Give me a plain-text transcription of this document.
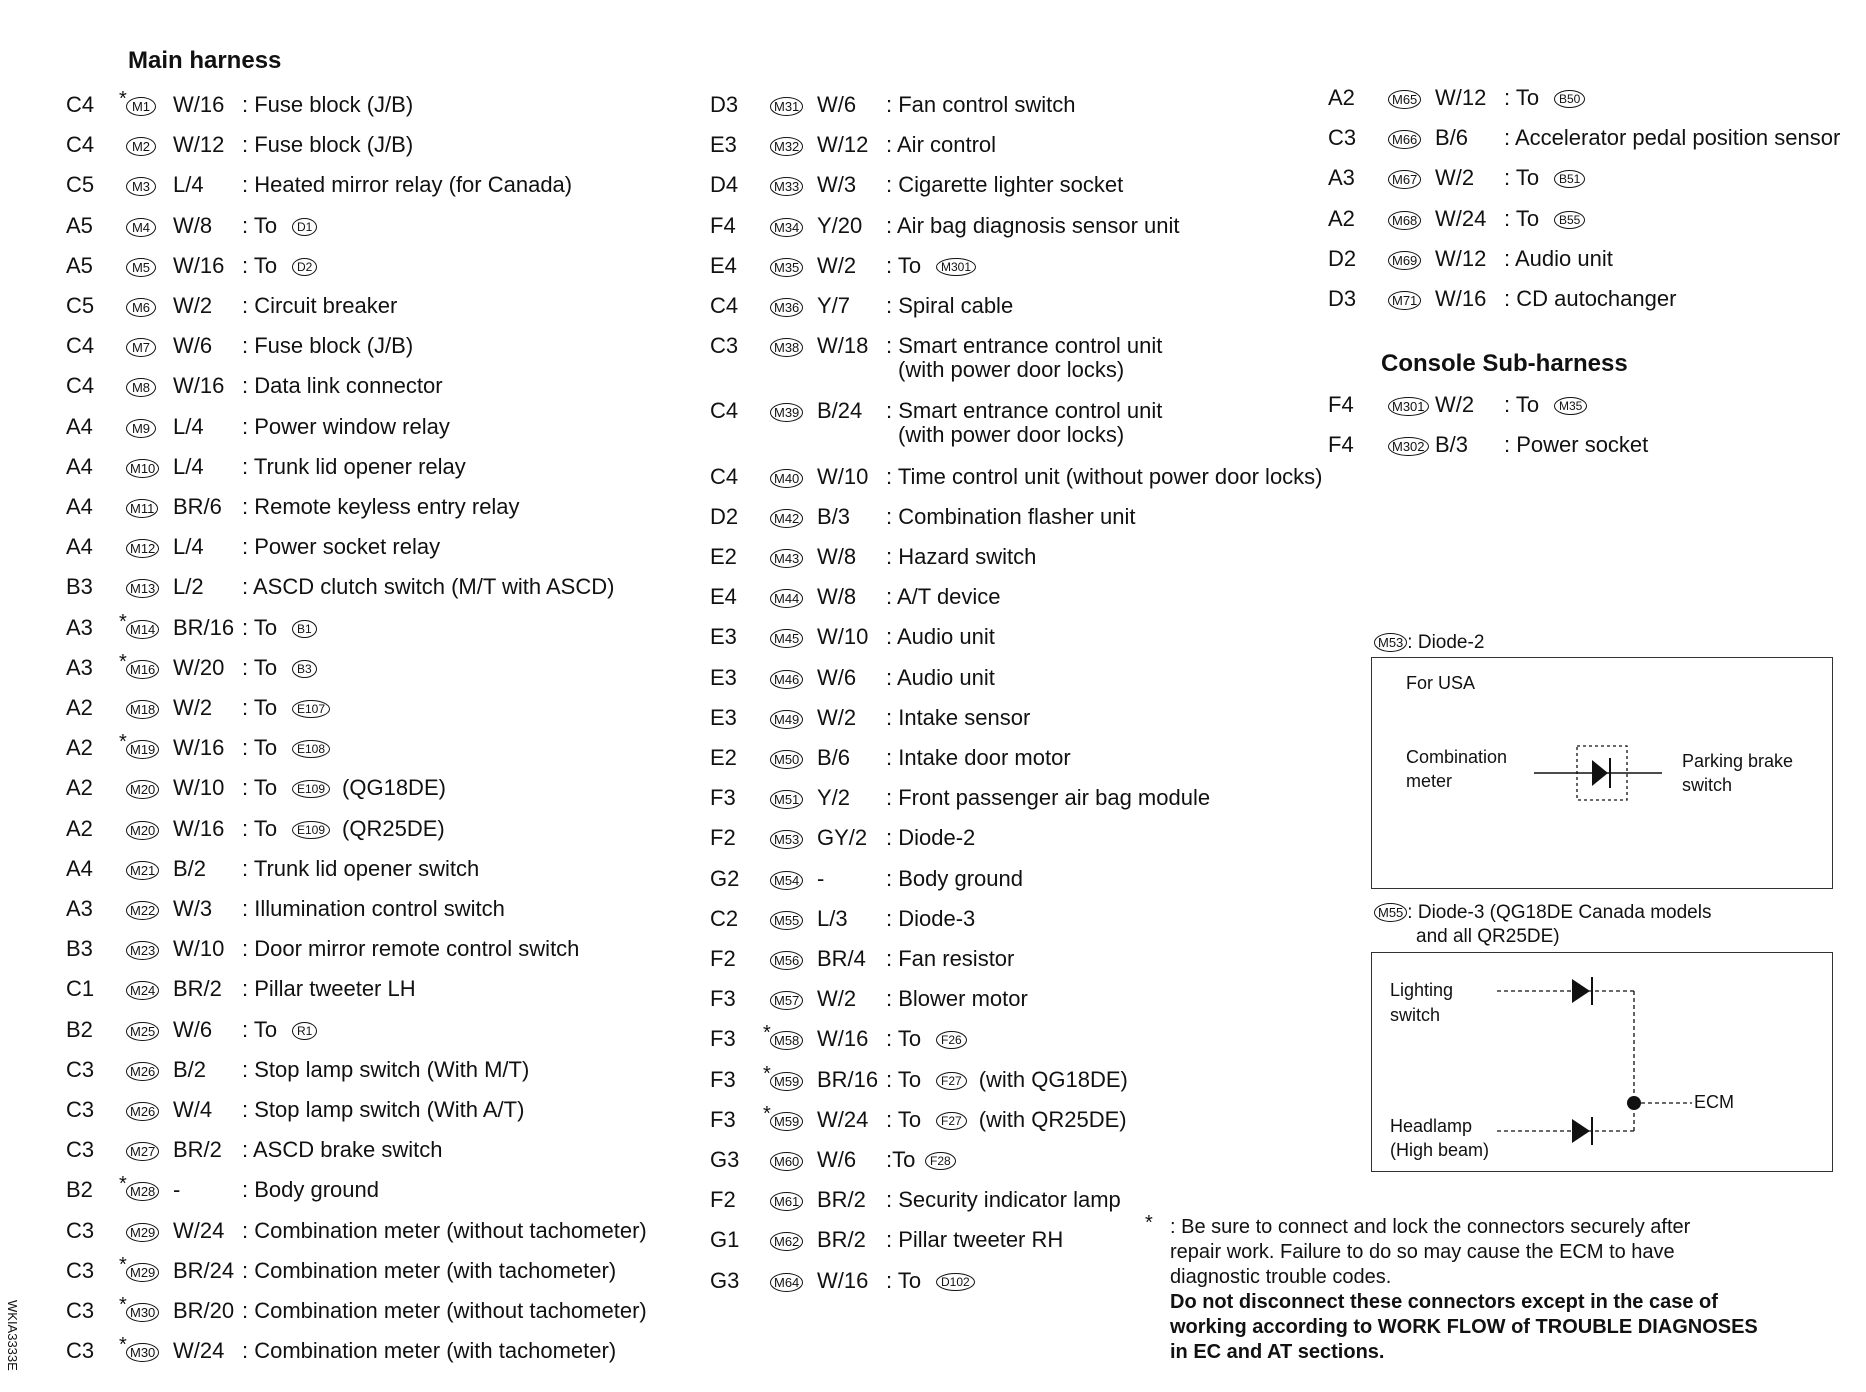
Main harness
Console Sub-harness
C4 * M1 W/16 : Fuse block (J/B)
C4	M2 W/12 : Fuse block (J/B)
C5	M3 L/4 : Heated mirror relay (for Canada)
A5	M4 W/8 : To	D1
A5	M5 W/16 : To	D2
C5	M6 W/2 : Circuit breaker
C4	M7 W/6 : Fuse block (J/B)
C4	M8 W/16 : Data link connector
A4	M9 L/4 : Power window relay
A4	M10 L/4 : Trunk lid opener relay
A4	M11 BR/6 : Remote keyless entry relay
A4	M12 L/4 : Power socket relay
B3	M13 L/2 : ASCD clutch switch (M/T with ASCD)
A3 * M14 BR/16 : To	B1
A3 * M16 W/20 : To	B3
A2	M18 W/2 : To	E107
A2 * M19 W/16 : To	E108
A2	M20 W/10 : To	E109 (QG18DE)
A2	M20 W/16 : To	E109 (QR25DE)
A4	M21 B/2 : Trunk lid opener switch
A3	M22 W/3 : Illumination control switch
B3	M23 W/10 : Door mirror remote control switch
C1	M24 BR/2 : Pillar tweeter LH
B2	M25 W/6 : To	R1
C3	M26 B/2 : Stop lamp switch (With M/T)
C3	M26 W/4 : Stop lamp switch (With A/T)
C3	M27 BR/2 : ASCD brake switch
B2 * M28 -	: Body ground
C3	M29 W/24 : Combination meter (without tachometer)
C3 * M29 BR/24 : Combination meter (with tachometer)
C3 * M30 BR/20 : Combination meter (without tachometer)
C3 * M30 W/24 : Combination meter (with tachometer)
D3	M31 W/6 : Fan control switch
E3	M32 W/12 : Air control
D4	M33 W/3 : Cigarette lighter socket
F4	M34 Y/20 : Air bag diagnosis sensor unit
E4	M35 W/2 : To	M301
C4	M36 Y/7 : Spiral cable
C3	M38 W/18 : Smart entrance control unit
(with power door locks)
C4	M39 B/24 : Smart entrance control unit
(with power door locks)
C4	M40 W/10 : Time control unit (without power door locks)
D2	M42 B/3 : Combination flasher unit
E2	M43 W/8 : Hazard switch
E4	M44 W/8 : A/T device
E3	M45 W/10 : Audio unit
E3	M46 W/6 : Audio unit
E3	M49 W/2 : Intake sensor
E2	M50 B/6 : Intake door motor
F3	M51 Y/2 : Front passenger air bag module
F2	M53 GY/2 : Diode-2
G2	M54 -	: Body ground
C2	M55 L/3 : Diode-3
F2	M56 BR/4 : Fan resistor
F3	M57 W/2 : Blower motor
F3 * M58 W/16 : To	F26
F3 * M59 BR/16 : To	F27 (with QG18DE)
F3 * M59 W/24 : To	F27 (with QR25DE)
G3	M60 W/6 :To	F28
F2	M61 BR/2 : Security indicator lamp
G1	M62 BR/2 : Pillar tweeter RH
G3	M64 W/16 : To	D102
A2	M65 W/12 : To	B50
C3	M66 B/6 : Accelerator pedal position sensor
A3	M67 W/2 : To	B51
A2	M68 W/24 : To	B55
D2	M69 W/12 : Audio unit
D3	M71 W/16 : CD autochanger
F4	M301 W/2 : To	M35
F4	M302 B/3 : Power socket
M53 : Diode-2
For USA
Combination
meter
Parking brake
switch
M55 : Diode-3 (QG18DE Canada models
and all QR25DE)
Lighting
switch
Headlamp
(High beam)
ECM
* : Be sure to connect and lock the connectors securely after
repair work. Failure to do so may cause the ECM to have
diagnostic trouble codes.
Do not disconnect these connectors except in the case of
working according to WORK FLOW of TROUBLE DIAGNOSES
in EC and AT sections.
WKIA3333E
